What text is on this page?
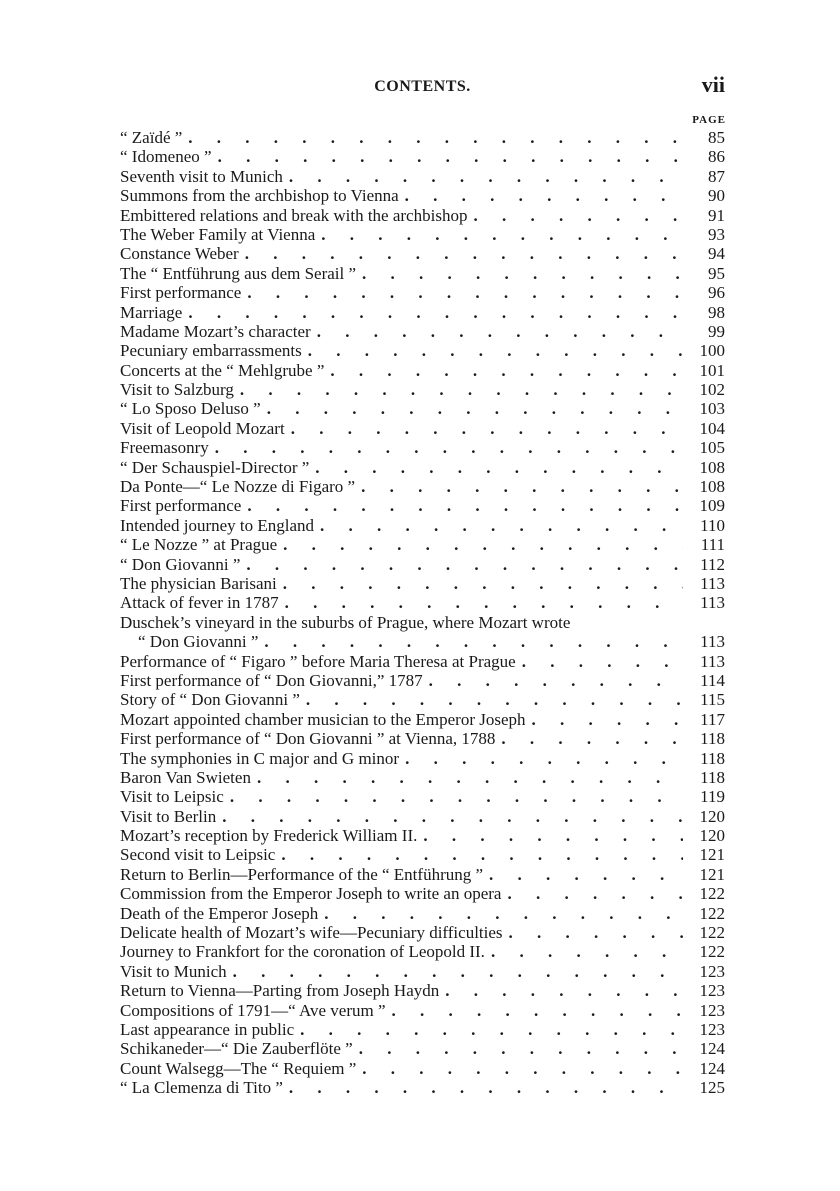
CONTENTS.	vii
PAGE
“ Zaïdé ” . . .	85
“ Idomeneo ” . . .	86
Seventh visit to Munich . . .	87
Summons from the archbishop to Vienna . . .	90
Embittered relations and break with the archbishop . . .	91
The Weber Family at Vienna . . .	93
Constance Weber . . .	94
The “ Entführung aus dem Serail ” . . .	95
First performance . . .	96
Marriage . . .	98
Madame Mozart’s character . . .	99
Pecuniary embarrassments . . .	100
Concerts at the “ Mehlgrube ” . . .	101
Visit to Salzburg . . .	102
“ Lo Sposo Deluso ” . . .	103
Visit of Leopold Mozart . . .	104
Freemasonry . . .	105
“ Der Schauspiel-Director ” . . .	108
Da Ponte—“ Le Nozze di Figaro ” . . .	108
First performance . . .	109
Intended journey to England . . .	110
“ Le Nozze ” at Prague . . .	111
“ Don Giovanni ” . . .	112
The physician Barisani . . .	113
Attack of fever in 1787 . . .	113
Duschek’s vineyard in the suburbs of Prague, where Mozart wrote
“ Don Giovanni ” . . .	113
Performance of “ Figaro ” before Maria Theresa at Prague . . .	113
First performance of “ Don Giovanni,” 1787 . . .	114
Story of “ Don Giovanni ” . . .	115
Mozart appointed chamber musician to the Emperor Joseph . . .	117
First performance of “ Don Giovanni ” at Vienna, 1788 . . .	118
The symphonies in C major and G minor . . .	118
Baron Van Swieten . . .	118
Visit to Leipsic . . .	119
Visit to Berlin . . .	120
Mozart’s reception by Frederick William II. . . .	120
Second visit to Leipsic . . .	121
Return to Berlin—Performance of the “ Entführung ” . . .	121
Commission from the Emperor Joseph to write an opera . . .	122
Death of the Emperor Joseph . . .	122
Delicate health of Mozart’s wife—Pecuniary difficulties . . .	122
Journey to Frankfort for the coronation of Leopold II. . . .	122
Visit to Munich . . .	123
Return to Vienna—Parting from Joseph Haydn . . .	123
Compositions of 1791—“ Ave verum ” . . .	123
Last appearance in public . . .	123
Schikaneder—“ Die Zauberflöte ” . . .	124
Count Walsegg—The “ Requiem ” . . .	124
“ La Clemenza di Tito ” . . .	125
